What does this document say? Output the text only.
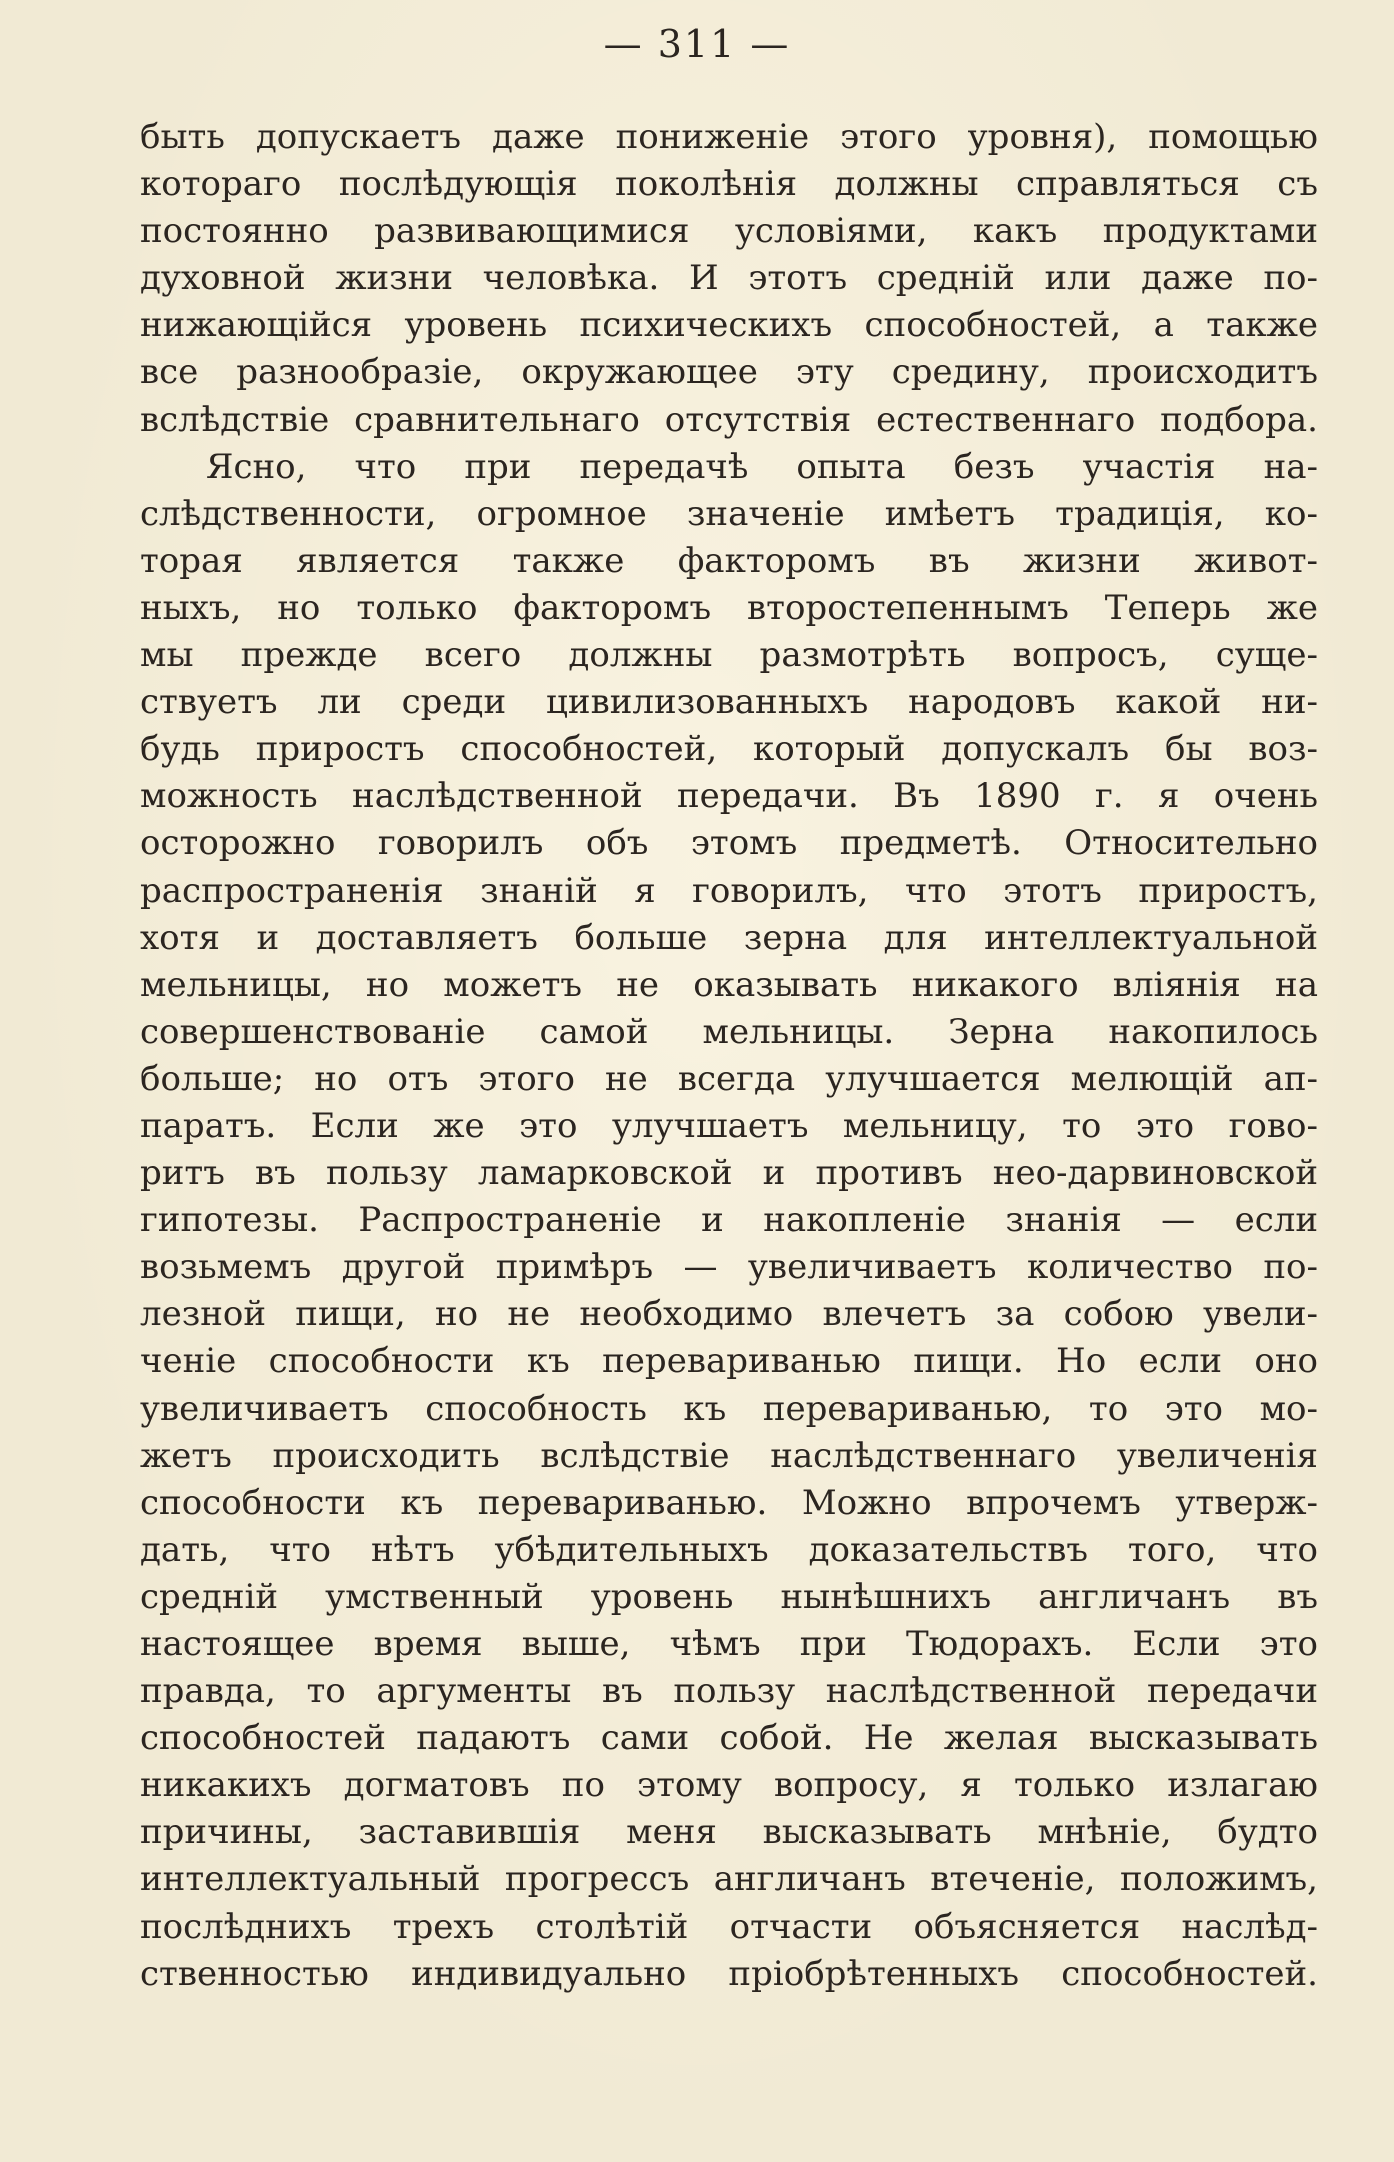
— 311 —
быть допускаетъ даже пониженіе этого уровня), помощью
котораго послѣдующія поколѣнія должны справляться съ
постоянно развивающимися условіями, какъ продуктами
духовной жизни человѣка. И этотъ среднiй или даже по-
нижающійся уровень психическихъ способностей, а также
все разнообразіе, окружающее эту средину, происходитъ
вслѣдствіе сравнительнаго отсутствія естественнаго подбора.
Ясно, что при передачѣ опыта безъ участія на-
слѣдственности, огромное значеніе имѣетъ традиція, ко-
торая является также факторомъ въ жизни живот-
ныхъ, но только факторомъ второстепеннымъ Теперь же
мы прежде всего должны размотрѣть вопросъ, суще-
ствуетъ ли среди цивилизованныхъ народовъ какой ни-
будь приростъ способностей, который допускалъ бы воз-
можность наслѣдственной передачи. Въ 1890 г. я очень
осторожно говорилъ объ этомъ предметѣ. Относительно
распространенія знаній я говорилъ, что этотъ приростъ,
хотя и доставляетъ больше зерна для интеллектуальной
мельницы, но можетъ не оказывать никакого вліянія на
совершенствованіе самой мельницы. Зерна накопилось
больше; но отъ этого не всегда улучшается мелющій ап-
паратъ. Если же это улучшаетъ мельницу, то это гово-
ритъ въ пользу ламарковской и противъ нео-дарвиновской
гипотезы. Распространеніе и накопленіе знанія — если
возьмемъ другой примѣръ — увеличиваетъ количество по-
лезной пищи, но не необходимо влечетъ за собою увели-
ченіе способности къ перевариванью пищи. Но если оно
увеличиваетъ способность къ перевариванью, то это мо-
жетъ происходить вслѣдствіе наслѣдственнаго увеличенія
способности къ перевариванью. Можно впрочемъ утверж-
дать, что нѣтъ убѣдительныхъ доказательствъ того, что
средній умственный уровень нынѣшнихъ англичанъ въ
настоящее время выше, чѣмъ при Тюдорахъ. Если это
правда, то аргументы въ пользу наслѣдственной передачи
способностей падаютъ сами собой. Не желая высказывать
никакихъ догматовъ по этому вопросу, я только излагаю
причины, заставившія меня высказывать мнѣніе, будто
интеллектуальный прогрессъ англичанъ втеченіе, положимъ,
послѣднихъ трехъ столѣтій отчасти объясняется наслѣд-
ственностью индивидуально пріобрѣтенныхъ способностей.
